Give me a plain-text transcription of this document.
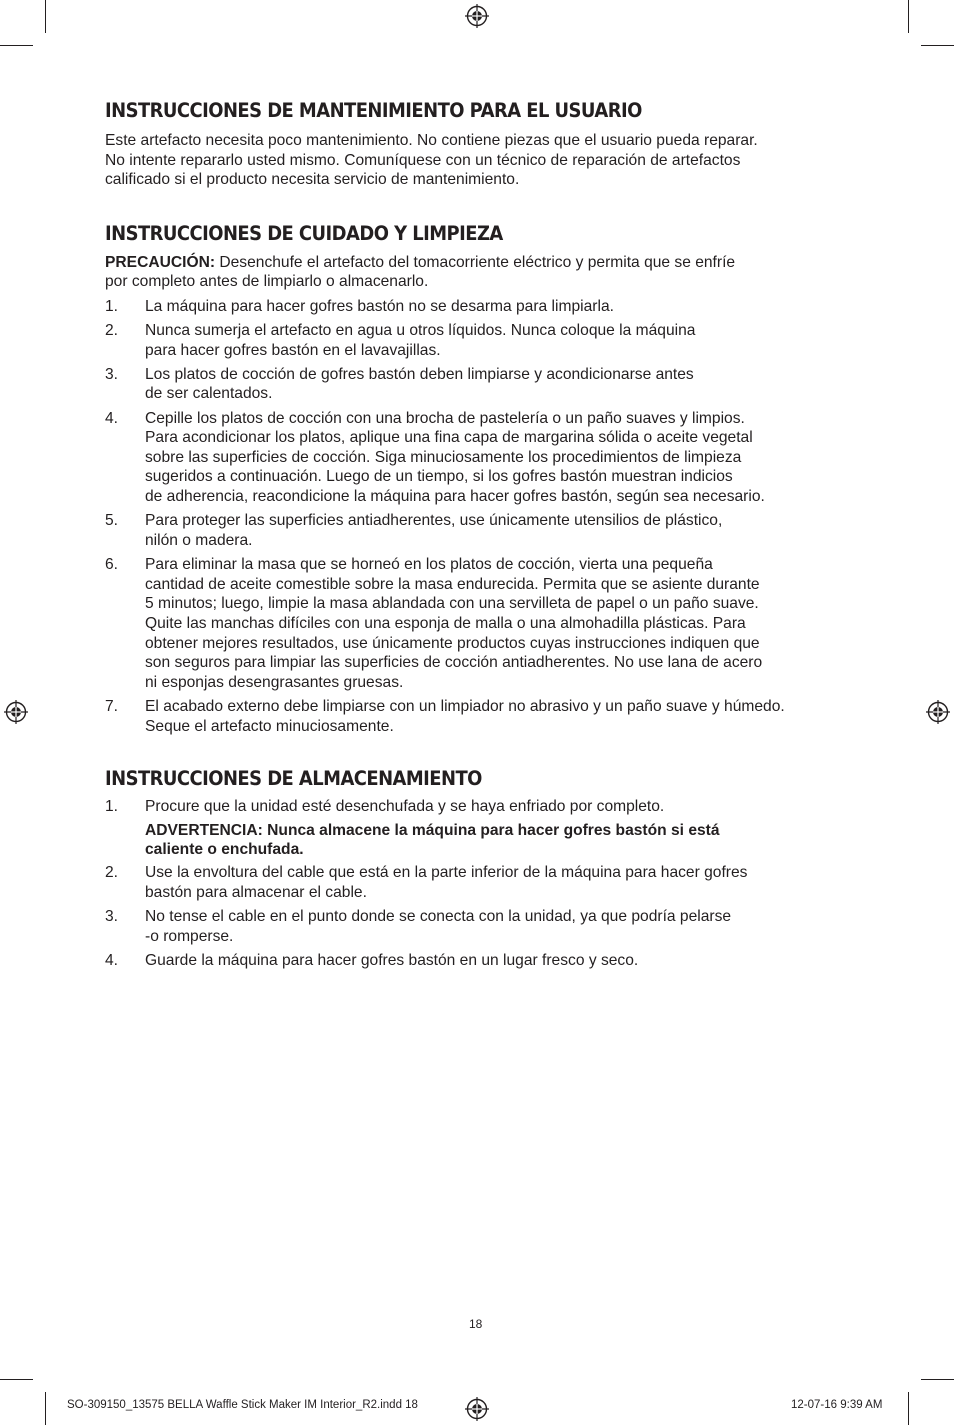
INSTRUCCIONES DE MANTENIMIENTO PARA EL USUARIO

Este artefacto necesita poco mantenimiento. No contiene piezas que el usuario pueda reparar.
No intente repararlo usted mismo. Comuníquese con un técnico de reparación de artefactos
calificado si el producto necesita servicio de mantenimiento.

INSTRUCCIONES DE CUIDADO Y LIMPIEZA

PRECAUCIÓN: Desenchufe el artefacto del tomacorriente eléctrico y permita que se enfríe
por completo antes de limpiarlo o almacenarlo.

1. La máquina para hacer gofres bastón no se desarma para limpiarla.
2. Nunca sumerja el artefacto en agua u otros líquidos. Nunca coloque la máquina
para hacer gofres bastón en el lavavajillas.
3. Los platos de cocción de gofres bastón deben limpiarse y acondicionarse antes
de ser calentados.
4. Cepille los platos de cocción con una brocha de pastelería o un paño suaves y limpios.
Para acondicionar los platos, aplique una fina capa de margarina sólida o aceite vegetal
sobre las superficies de cocción. Siga minuciosamente los procedimientos de limpieza
sugeridos a continuación. Luego de un tiempo, si los gofres bastón muestran indicios
de adherencia, reacondicione la máquina para hacer gofres bastón, según sea necesario.
5. Para proteger las superficies antiadherentes, use únicamente utensilios de plástico,
nilón o madera.
6. Para eliminar la masa que se horneó en los platos de cocción, vierta una pequeña
cantidad de aceite comestible sobre la masa endurecida. Permita que se asiente durante
5 minutos; luego, limpie la masa ablandada con una servilleta de papel o un paño suave.
Quite las manchas difíciles con una esponja de malla o una almohadilla plásticas. Para
obtener mejores resultados, use únicamente productos cuyas instrucciones indiquen que
son seguros para limpiar las superficies de cocción antiadherentes. No use lana de acero
ni esponjas desengrasantes gruesas.
7. El acabado externo debe limpiarse con un limpiador no abrasivo y un paño suave y húmedo.
Seque el artefacto minuciosamente.
INSTRUCCIONES DE ALMACENAMIENTO
1. Procure que la unidad esté desenchufada y se haya enfriado por completo.
ADVERTENCIA: Nunca almacene la máquina para hacer gofres bastón si está
caliente o enchufada.
2. Use la envoltura del cable que está en la parte inferior de la máquina para hacer gofres
bastón para almacenar el cable.
3. No tense el cable en el punto donde se conecta con la unidad, ya que podría pelarse
-o romperse.
4. Guarde la máquina para hacer gofres bastón en un lugar fresco y seco.
18
SO-309150_13575 BELLA Waffle Stick Maker IM Interior_R2.indd 18	12-07-16 9:39 AM
